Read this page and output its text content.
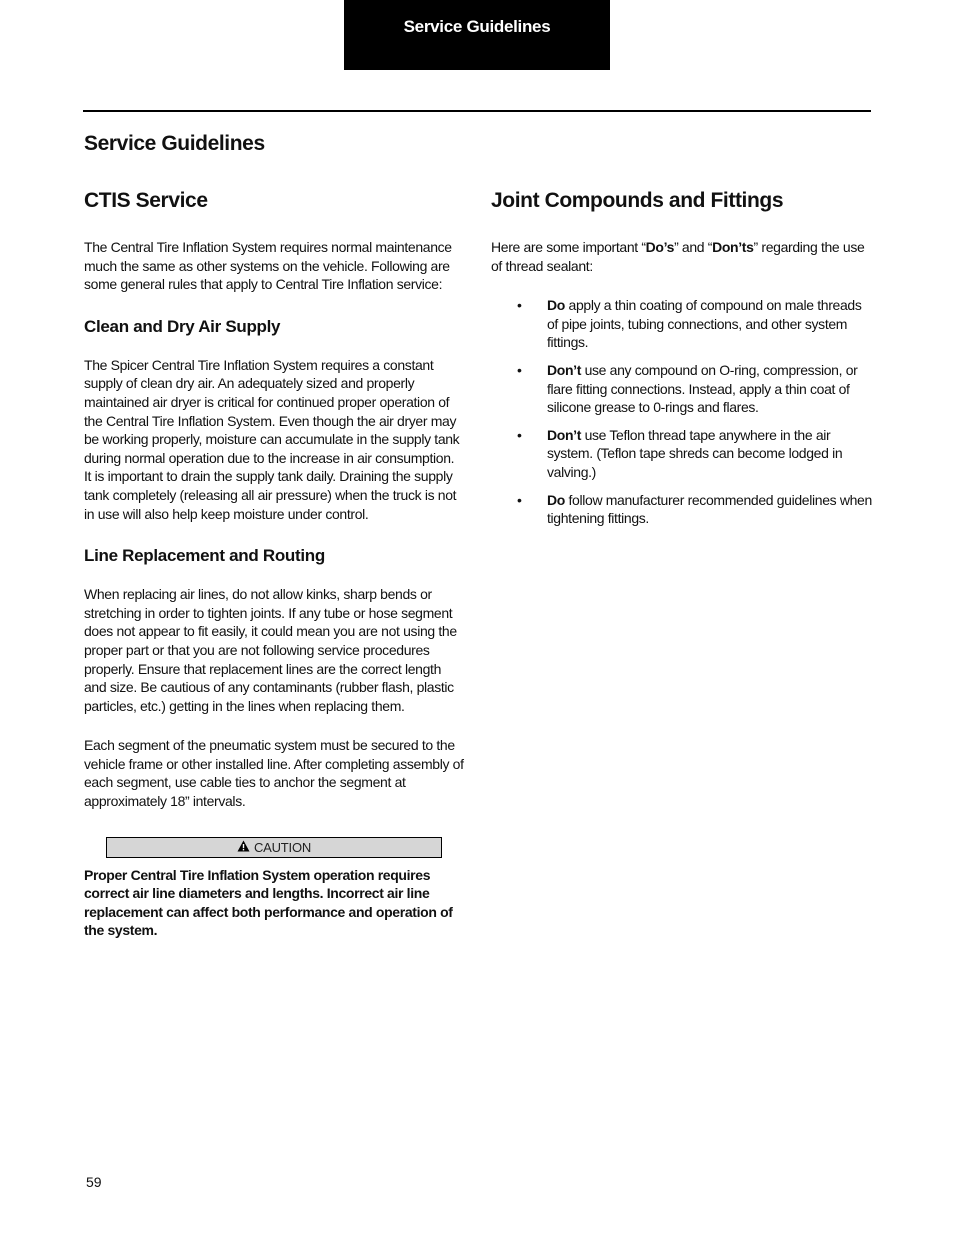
Service Guidelines
Service Guidelines
CTIS Service

The Central Tire Inflation System requires normal maintenance much the same as other systems on the vehicle. Following are some general rules that apply to Central Tire Inflation service:

Clean and Dry Air Supply

The Spicer Central Tire Inflation System requires a constant supply of clean dry air. An adequately sized and properly maintained air dryer is critical for continued proper operation of the Central Tire Inflation System. Even though the air dryer may be working properly, moisture can accumulate in the supply tank during normal operation due to the increase in air consumption. It is important to drain the supply tank daily. Draining the supply tank completely (releasing all air pressure) when the truck is not in use will also help keep moisture under control.

Line Replacement and Routing

When replacing air lines, do not allow kinks, sharp bends or stretching in order to tighten joints. If any tube or hose segment does not appear to fit easily, it could mean you are not using the proper part or that you are not following service procedures properly. Ensure that replacement lines are the correct length and size. Be cautious of any contaminants (rubber flash, plastic particles, etc.) getting in the lines when replacing them.

Each segment of the pneumatic system must be secured to the vehicle frame or other installed line. After completing assembly of each segment, use cable ties to anchor the segment at approximately 18” intervals.

CAUTION

Proper Central Tire Inflation System operation requires correct air line diameters and lengths. Incorrect air line replacement can affect both performance and operation of the system.

Joint Compounds and Fittings

Here are some important “Do’s” and “Don’ts” regarding the use of thread sealant:

• Do apply a thin coating of compound on male threads of pipe joints, tubing connections, and other system fittings.
• Don’t use any compound on O-ring, compression, or flare fitting connections. Instead, apply a thin coat of silicone grease to 0-rings and flares.
• Don’t use Teflon thread tape anywhere in the air system. (Teflon tape shreds can become lodged in valving.)
• Do follow manufacturer recommended guidelines when tightening fittings.
59
